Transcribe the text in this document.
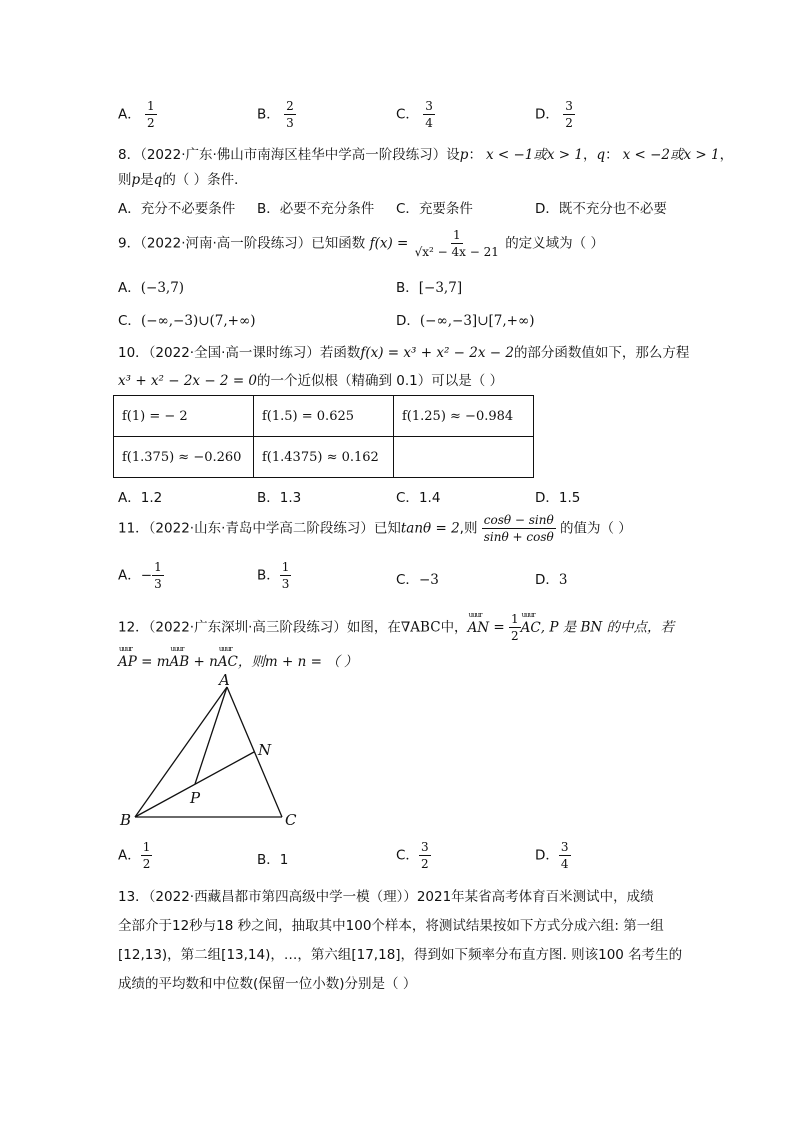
A． $\frac{1}{2}$	B． $\frac{2}{3}$	C． $\frac{3}{4}$	D． $\frac{3}{2}$
8．（2022·广东·佛山市南海区桂华中学高一阶段练习）设p： x < −1或x > 1，q： x < −2或x > 1，
则p是q的（ ）条件．
A．充分不必要条件 B．必要不充分条件 C．充要条件	D．既不充分也不必要
9．（2022·河南·高一阶段练习）已知函数 $f(x) = \frac{1}{\text{√x² − 4x − 21}}$ 的定义域为（ ）
A．(−3,7)	B．[−3,7]
C．(−∞,−3)∪(7,+∞)	D．(−∞,−3]∪[7,+∞)
10．（2022·全国·高一课时练习）若函数f(x) = x³ + x² − 2x − 2的部分函数值如下，那么方程
x³ + x² − 2x − 2 = 0的一个近似根（精确到 0.1）可以是（ ）
f(1) = − 2	f(1.5) = 0.625	f(1.25) ≈ −0.984
f(1.375) ≈ −0.260	f(1.4375) ≈ 0.162	
A．1.2	B．1.3	C．1.4	D．1.5
11．（2022·山东·青岛中学高二阶段练习）已知tanθ = 2,则 $\frac{\cos\theta - \sin\theta}{\sin\theta + \cos\theta}$ 的值为（ ）
A．− $\frac{1}{3}$	B． $\frac{1}{3}$	C．−3	D．3
12．（2022·广东深圳·高三阶段练习）如图，在∇ABC中，uuur AN = $\frac{1}{2}$ uuur AC, P 是 BN 的中点，若
uuur AP = muuur AB + nuuur AC，则m + n = （ ）
A
B	C
N
P
A． $\frac{1}{2}$	B．1	C． $\frac{3}{2}$	D． $\frac{3}{4}$
13．（2022·西藏昌都市第四高级中学一模（理））2021年某省高考体育百米测试中，成绩
全部介于12秒与18 秒之间，抽取其中100个样本，将测试结果按如下方式分成六组: 第一组
[12,13)，第二组[13,14)，…，第六组[17,18]，得到如下频率分布直方图. 则该100 名考生的
成绩的平均数和中位数(保留一位小数)分别是（ ）
